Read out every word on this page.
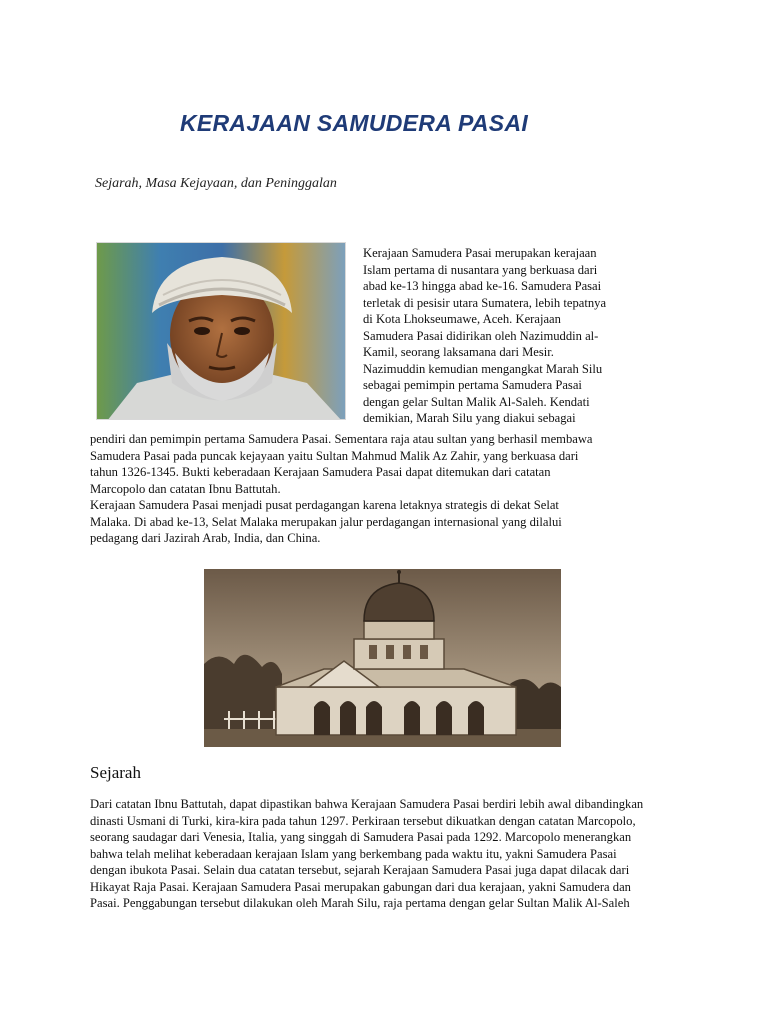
KERAJAAN SAMUDERA PASAI
Sejarah, Masa Kejayaan, dan Peninggalan
Kerajaan Samudera Pasai merupakan kerajaan
Islam pertama di nusantara yang berkuasa dari
abad ke-13 hingga abad ke-16. Samudera Pasai
terletak di pesisir utara Sumatera, lebih tepatnya
di Kota Lhokseumawe, Aceh. Kerajaan
Samudera Pasai didirikan oleh Nazimuddin al-
Kamil, seorang laksamana dari Mesir.
Nazimuddin kemudian mengangkat Marah Silu
sebagai pemimpin pertama Samudera Pasai
dengan gelar Sultan Malik Al-Saleh. Kendati
demikian, Marah Silu yang diakui sebagai
pendiri dan pemimpin pertama Samudera Pasai. Sementara raja atau sultan yang berhasil membawa
Samudera Pasai pada puncak kejayaan yaitu Sultan Mahmud Malik Az Zahir, yang berkuasa dari
tahun 1326-1345. Bukti keberadaan Kerajaan Samudera Pasai dapat ditemukan dari catatan
Marcopolo dan catatan Ibnu Battutah.
Kerajaan Samudera Pasai menjadi pusat perdagangan karena letaknya strategis di dekat Selat
Malaka. Di abad ke-13, Selat Malaka merupakan jalur perdagangan internasional yang dilalui
pedagang dari Jazirah Arab, India, dan China.
Sejarah
Dari catatan Ibnu Battutah, dapat dipastikan bahwa Kerajaan Samudera Pasai berdiri lebih awal dibandingkan
dinasti Usmani di Turki, kira-kira pada tahun 1297. Perkiraan tersebut dikuatkan dengan catatan Marcopolo,
seorang saudagar dari Venesia, Italia, yang singgah di Samudera Pasai pada 1292. Marcopolo menerangkan
bahwa telah melihat keberadaan kerajaan Islam yang berkembang pada waktu itu, yakni Samudera Pasai
dengan ibukota Pasai. Selain dua catatan tersebut, sejarah Kerajaan Samudera Pasai juga dapat dilacak dari
Hikayat Raja Pasai. Kerajaan Samudera Pasai merupakan gabungan dari dua kerajaan, yakni Samudera dan
Pasai. Penggabungan tersebut dilakukan oleh Marah Silu, raja pertama dengan gelar Sultan Malik Al-Saleh
